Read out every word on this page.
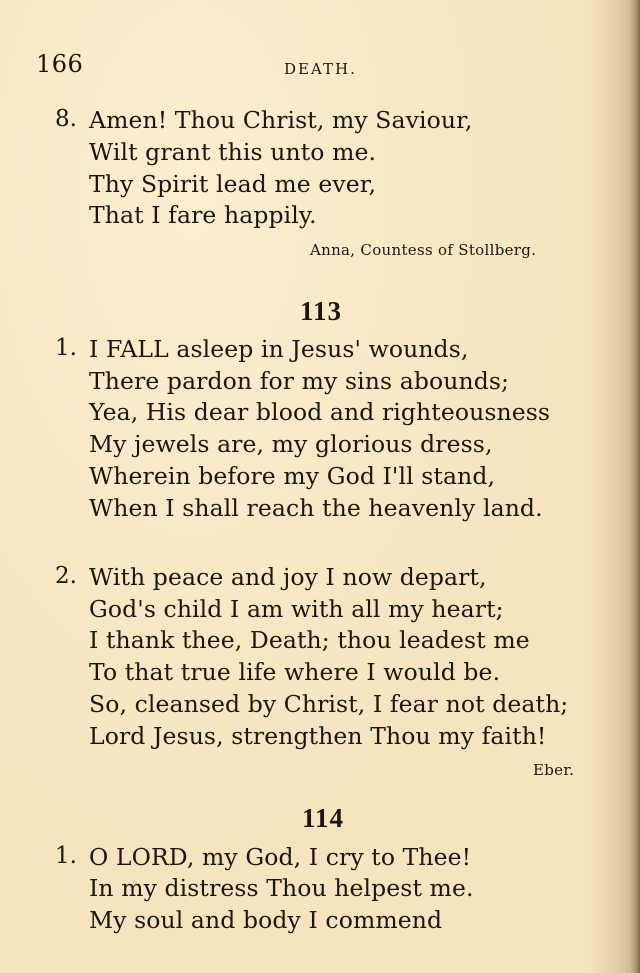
166	DEATH.
8. Amen! Thou Christ, my Saviour,
Wilt grant this unto me.
Thy Spirit lead me ever,
That I fare happily.
Anna, Countess of Stollberg.
113
1. I FALL asleep in Jesus' wounds,
There pardon for my sins abounds;
Yea, His dear blood and righteousness
My jewels are, my glorious dress,
Wherein before my God I'll stand,
When I shall reach the heavenly land.
2. With peace and joy I now depart,
God's child I am with all my heart;
I thank thee, Death; thou leadest me
To that true life where I would be.
So, cleansed by Christ, I fear not death;
Lord Jesus, strengthen Thou my faith!
Eber.
114
1. O LORD, my God, I cry to Thee!
In my distress Thou helpest me.
My soul and body I commend
